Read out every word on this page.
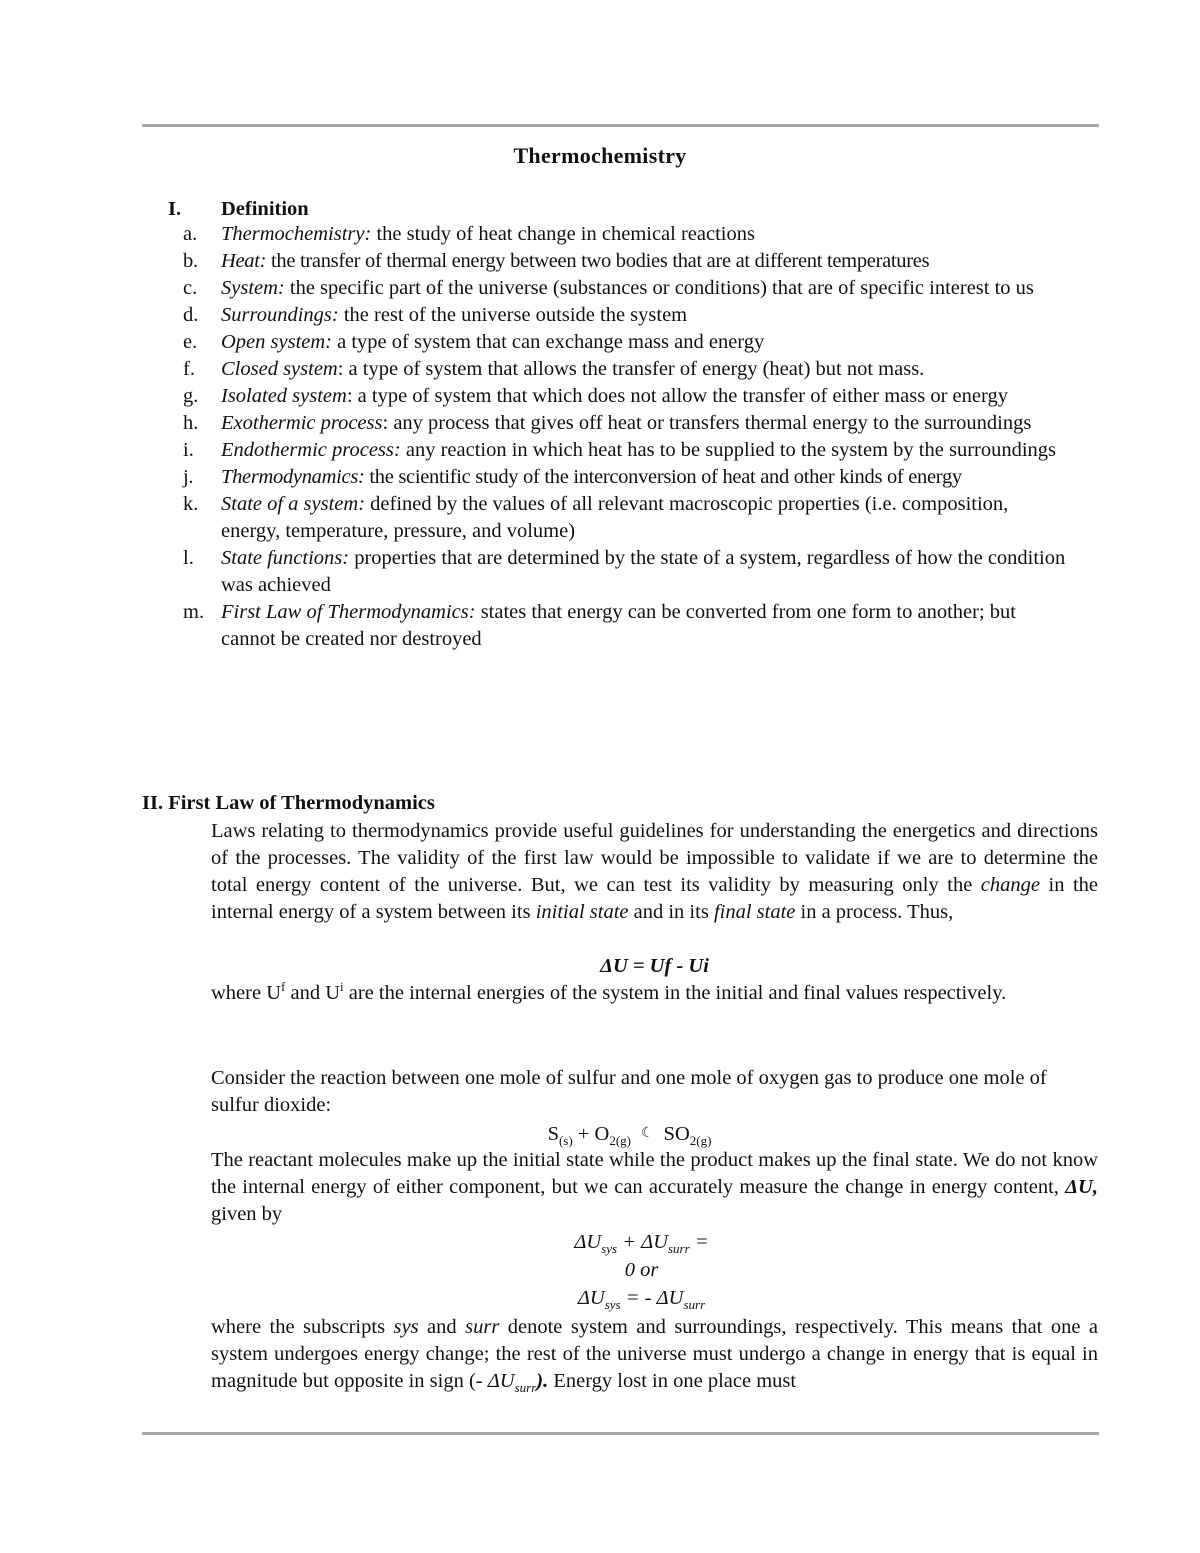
Thermochemistry
I. Definition
a. Thermochemistry: the study of heat change in chemical reactions
b. Heat: the transfer of thermal energy between two bodies that are at different temperatures
c. System: the specific part of the universe (substances or conditions) that are of specific interest to us
d. Surroundings: the rest of the universe outside the system
e. Open system: a type of system that can exchange mass and energy
f. Closed system: a type of system that allows the transfer of energy (heat) but not mass.
g. Isolated system: a type of system that which does not allow the transfer of either mass or energy
h. Exothermic process: any process that gives off heat or transfers thermal energy to the surroundings
i. Endothermic process: any reaction in which heat has to be supplied to the system by the surroundings
j. Thermodynamics: the scientific study of the interconversion of heat and other kinds of energy
k. State of a system: defined by the values of all relevant macroscopic properties (i.e. composition, energy, temperature, pressure, and volume)
l. State functions: properties that are determined by the state of a system, regardless of how the condition was achieved
m. First Law of Thermodynamics: states that energy can be converted from one form to another; but cannot be created nor destroyed
II. First Law of Thermodynamics
Laws relating to thermodynamics provide useful guidelines for understanding the energetics and directions of the processes. The validity of the first law would be impossible to validate if we are to determine the total energy content of the universe. But, we can test its validity by measuring only the change in the internal energy of a system between its initial state and in its final state in a process. Thus,
ΔU = Uf - Ui
where $U^f$ and $U^i$ are the internal energies of the system in the initial and final values respectively.
Consider the reaction between one mole of sulfur and one mole of oxygen gas to produce one mole of sulfur dioxide:
$S_{(s)} + O_{2(g)}$ ☾ $SO_{2(g)}$
The reactant molecules make up the initial state while the product makes up the final state. We do not know the internal energy of either component, but we can accurately measure the change in energy content, ΔU, given by
$\Delta U_{sys} + \Delta U_{surr}$ =
0 or
$\Delta U_{sys}$ = - $\Delta U_{surr}$
where the subscripts sys and surr denote system and surroundings, respectively. This means that one a system undergoes energy change; the rest of the universe must undergo a change in energy that is equal in magnitude but opposite in sign (- $\Delta U_{surr}$). Energy lost in one place must
